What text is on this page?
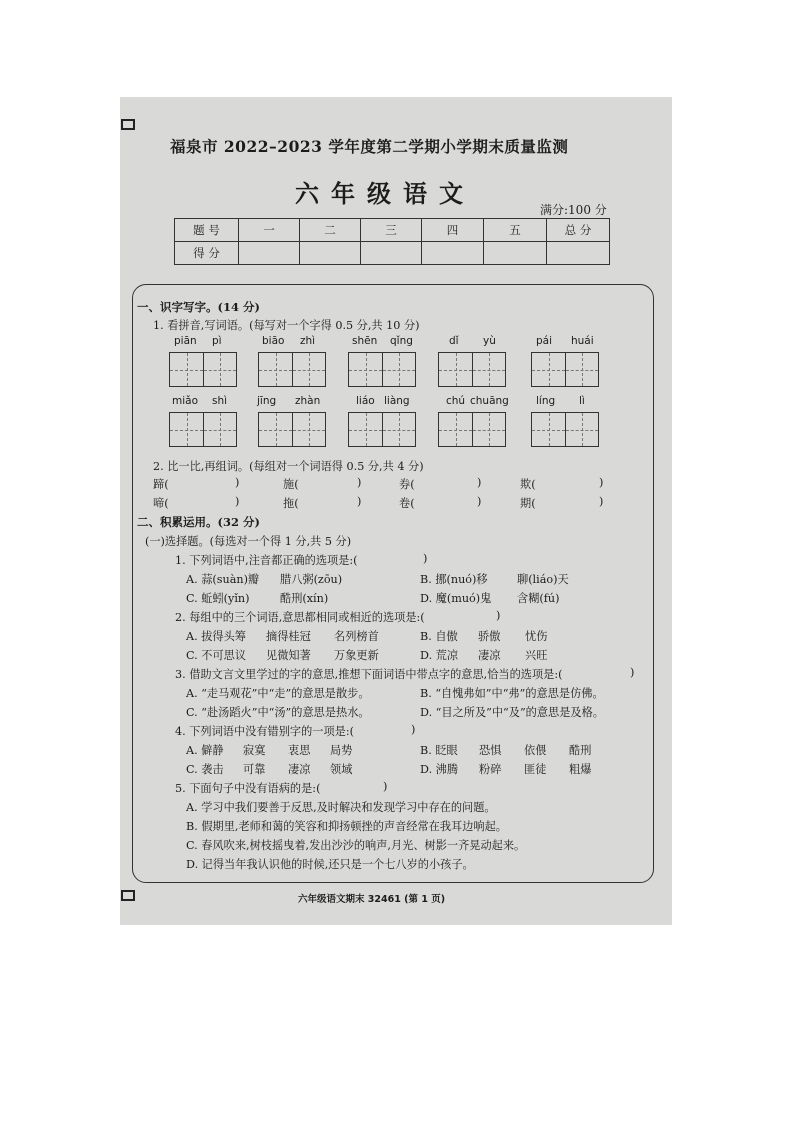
福泉市 2022–2023 学年度第二学期小学期末质量监测
六年级语文
满分:100 分
题 号	一	二	三	四	五	总 分
得 分						
一、识字写字。(14 分)
1. 看拼音,写词语。(每写对一个字得 0.5 分,共 10 分)
piān pì	biāo zhì	shēn qǐng	dǐ yù	pái huái
miǎo shì	jīng zhàn	liáo liàng	chú chuāng	líng lì
2. 比一比,再组词。(每组对一个词语得 0.5 分,共 4 分)
蹄(	)	施(	)	券(	)	欺(	)
啼(	)	拖(	)	卷(	)	期(	)
二、积累运用。(32 分)
(一)选择题。(每选对一个得 1 分,共 5 分)
1. 下列词语中,注音都正确的选项是:(	)
A. 蒜(suàn)瓣 腊八粥(zōu)	B. 挪(nuó)移	聊(liáo)天
C. 蚯蚓(yǐn)	酷刑(xín)	D. 魔(muó)鬼 含糊(fú)
2. 每组中的三个词语,意思都相同或相近的选项是:(	)
A. 拔得头筹 摘得桂冠 名列榜首	B. 自傲 骄傲 忧伤
C. 不可思议 见微知著 万象更新	D. 荒凉 凄凉 兴旺
3. 借助文言文里学过的字的意思,推想下面词语中带点字的意思,恰当的选项是:(	)
A. “走马观花”中“走”的意思是散步。	B. “自愧弗如”中“弗”的意思是仿佛。
C. “赴汤蹈火”中“汤”的意思是热水。	D. “目之所及”中“及”的意思是及格。
4. 下列词语中没有错别字的一项是:(	)
A. 僻静 寂寞 衷思 局势	B. 眨眼 恐惧 依偎 酷刑
C. 袭击 可靠 凄凉 领域	D. 沸腾 粉碎 匪徒 粗爆
5. 下面句子中没有语病的是:(	)
A. 学习中我们要善于反思,及时解决和发现学习中存在的问题。
B. 假期里,老师和蔼的笑容和抑扬顿挫的声音经常在我耳边响起。
C. 春风吹来,树枝摇曳着,发出沙沙的响声,月光、树影一齐晃动起来。
D. 记得当年我认识他的时候,还只是一个七八岁的小孩子。
六年级语文期末 32461 (第 1 页)
